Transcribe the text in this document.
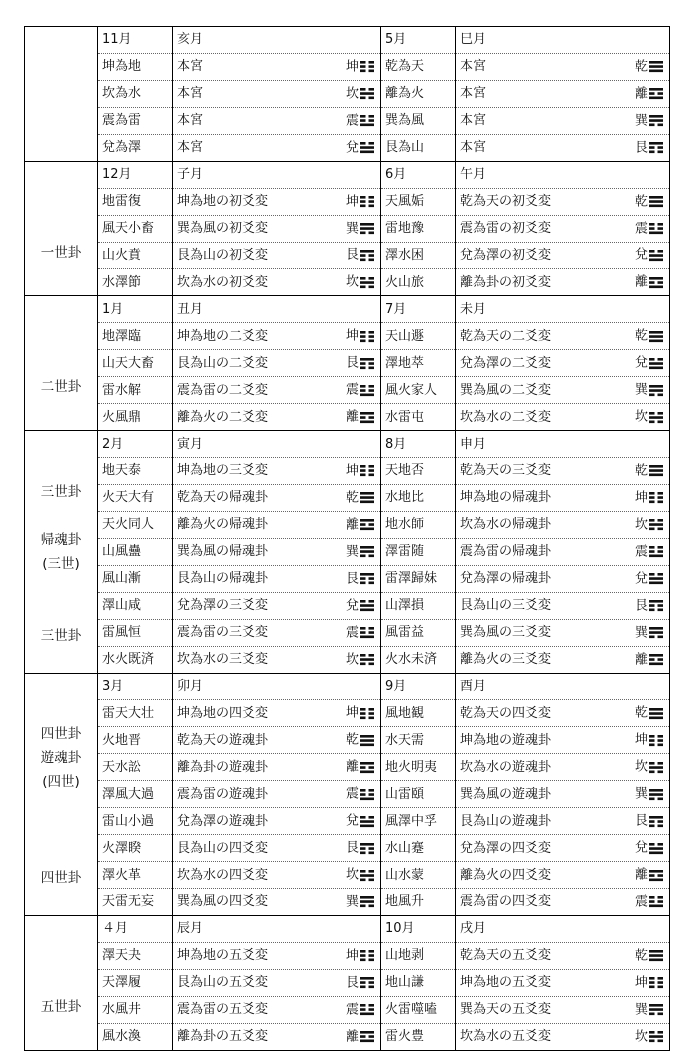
	11月	亥月	5月	巳月
	坤為地	本宮 坤	乾為天	本宮 乾

	坎為水	本宮 坎	離為火	本宮 離

	震為雷	本宮 震	巽為風	本宮 巽

	兌為澤	本宮 兌	艮為山	本宮 艮

一世卦	12月	子月	6月	午月
	地雷復	坤為地の初爻変 坤	天風姤	乾為天の初爻変 乾

	風天小畜	巽為風の初爻変 巽	雷地豫	震為雷の初爻変 震

	山火賁	艮為山の初爻変 艮	澤水困	兌為澤の初爻変 兌

	水澤節	坎為水の初爻変 坎	火山旅	離為卦の初爻変 離

二世卦	1月	丑月	7月	未月
	地澤臨	坤為地の二爻変 坤	天山遯	乾為天の二爻変 乾

	山天大畜	艮為山の二爻変 艮	澤地萃	兌為澤の二爻変 兌

	雷水解	震為雷の二爻変 震	風火家人	巽為風の二爻変 巽

	火風鼎	離為火の二爻変 離	水雷屯	坎為水の二爻変 坎

三世卦
帰魂卦
(三世)
三世卦	2月	寅月	8月	申月
	地天泰	坤為地の三爻変 坤	天地否	乾為天の三爻変 乾

	火天大有	乾為天の帰魂卦 乾	水地比	坤為地の帰魂卦 坤

	天火同人	離為火の帰魂卦 離	地水師	坎為水の帰魂卦 坎

	山風蠱	巽為風の帰魂卦 巽	澤雷随	震為雷の帰魂卦 震

	風山漸	艮為山の帰魂卦 艮	雷澤歸妹	兌為澤の帰魂卦 兌

	澤山咸	兌為澤の三爻変 兌	山澤損	艮為山の三爻変 艮

	雷風恒	震為雷の三爻変 震	風雷益	巽為風の三爻変 巽

	水火既済	坎為水の三爻変 坎	火水未済	離為火の三爻変 離

四世卦
遊魂卦
(四世)
四世卦	3月	卯月	9月	酉月
	雷天大壮	坤為地の四爻変 坤	風地観	乾為天の四爻変 乾

	火地晋	乾為天の遊魂卦 乾	水天需	坤為地の遊魂卦 坤

	天水訟	離為卦の遊魂卦 離	地火明夷	坎為水の遊魂卦 坎

	澤風大過	震為雷の遊魂卦 震	山雷頤	巽為風の遊魂卦 巽

	雷山小過	兌為澤の遊魂卦 兌	風澤中孚	艮為山の遊魂卦 艮

	火澤睽	艮為山の四爻変 艮	水山蹇	兌為澤の四爻変 兌

	澤火革	坎為水の四爻変 坎	山水蒙	離為火の四爻変 離

	天雷无妄	巽為風の四爻変 巽	地風升	震為雷の四爻変 震

五世卦	４月	辰月	10月	戌月
	澤天夬	坤為地の五爻変 坤	山地剥	乾為天の五爻変 乾

	天澤履	艮為山の五爻変 艮	地山謙	坤為地の五爻変 坤

	水風井	震為雷の五爻変 震	火雷噬嗑	巽為天の五爻変 巽

	風水渙	離為卦の五爻変 離	雷火豊	坎為水の五爻変 坎
